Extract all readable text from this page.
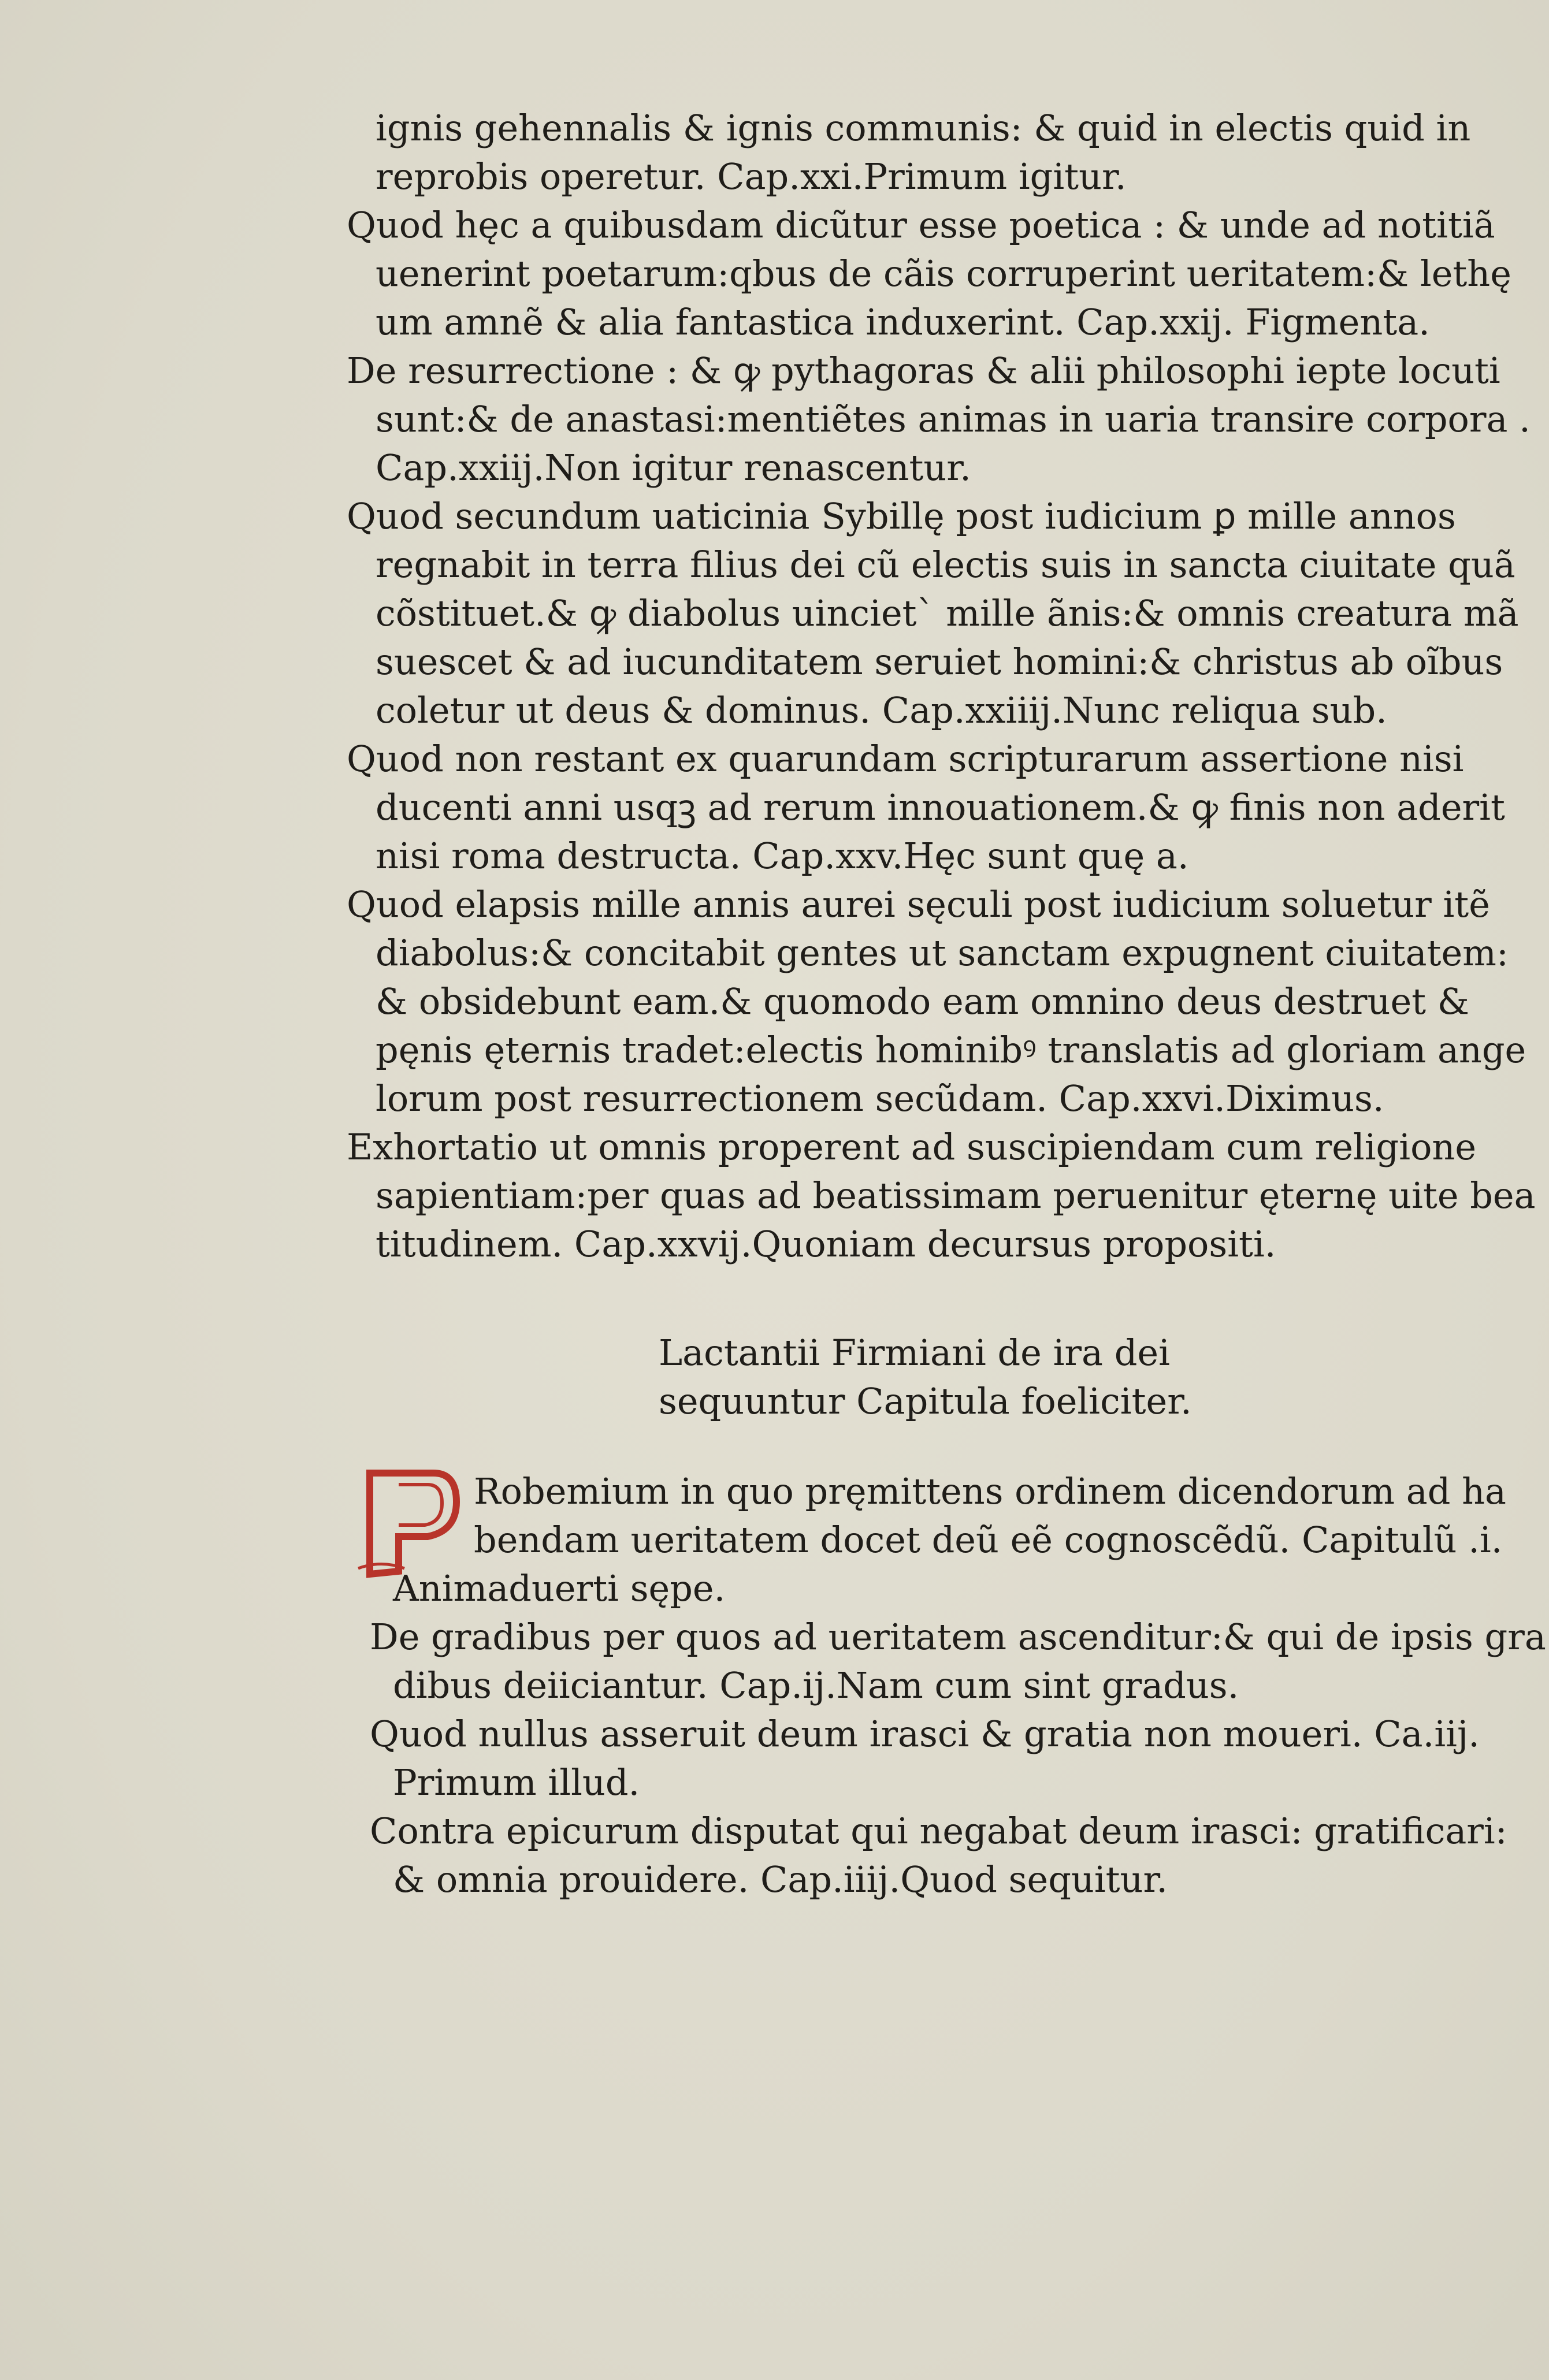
ignis gehennalis & ignis communis: & quid in electis quid in
reprobis operetur. Cap.xxi.Primum igitur.
Quod hęc a quibusdam dicũtur esse poetica : & unde ad notitiã
uenerint poetarum:qbus de cãis corruperint ueritatem:& lethę
um amnẽ & alia fantastica induxerint. Cap.xxij. Figmenta.
De resurrectione : & ꝙ pythagoras & alii philosophi iepte locuti
sunt:& de anastasi:mentiẽtes animas in uaria transire corpora .
Cap.xxiij.Non igitur renascentur.
Quod secundum uaticinia Sybillę post iudicium ꝑ mille annos
regnabit in terra filius dei cũ electis suis in sancta ciuitate quã
cõstituet.& ꝙ diabolus uincietˋ mille ãnis:& omnis creatura mã
suescet & ad iucunditatem seruiet homini:& christus ab oĩbus
coletur ut deus & dominus. Cap.xxiiij.Nunc reliqua sub.
Quod non restant ex quarundam scripturarum assertione nisi
ducenti anni usqꝫ ad rerum innouationem.& ꝙ finis non aderit
nisi roma destructa. Cap.xxv.Hęc sunt quę a.
Quod elapsis mille annis aurei sęculi post iudicium soluetur itẽ
diabolus:& concitabit gentes ut sanctam expugnent ciuitatem:
& obsidebunt eam.& quomodo eam omnino deus destruet &
pęnis ęternis tradet:electis hominibꝰ translatis ad gloriam ange
lorum post resurrectionem secũdam. Cap.xxvi.Diximus.
Exhortatio ut omnis properent ad suscipiendam cum religione
sapientiam:per quas ad beatissimam peruenitur ęternę uite bea
titudinem. Cap.xxvij.Quoniam decursus propositi.
Lactantii Firmiani de ira dei
sequuntur Capitula foeliciter.
Robemium in quo pręmittens ordinem dicendorum ad ha
bendam ueritatem docet deũ eẽ cognoscẽdũ. Capitulũ .i.
Animaduerti sępe.
De gradibus per quos ad ueritatem ascenditur:& qui de ipsis gra
dibus deiiciantur. Cap.ij.Nam cum sint gradus.
Quod nullus asseruit deum irasci & gratia non moueri. Ca.iij.
Primum illud.
Contra epicurum disputat qui negabat deum irasci: gratificari:
& omnia prouidere. Cap.iiij.Quod sequitur.
